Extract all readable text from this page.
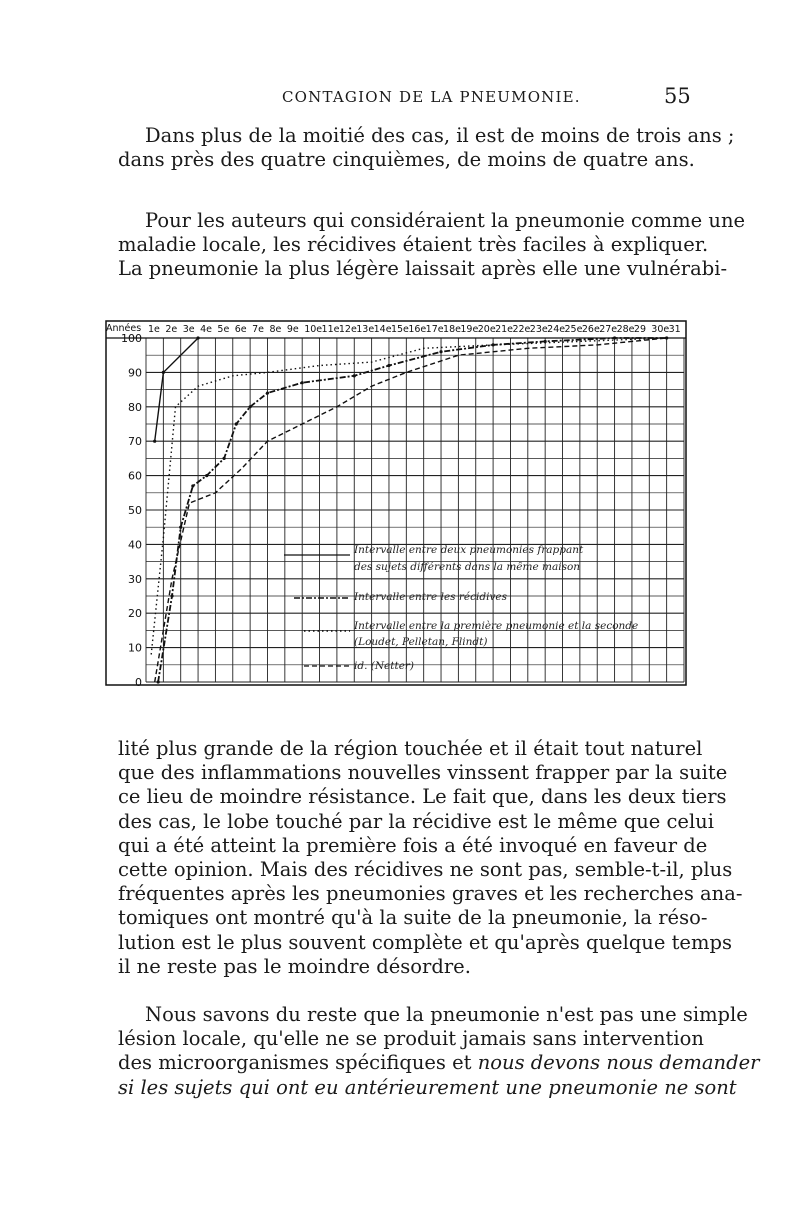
CONTAGION DE LA PNEUMONIE.	55
Dans plus de la moitié des cas, il est de moins de trois ans ;
dans près des quatre cinquièmes, de moins de quatre ans.
Pour les auteurs qui considéraient la pneumonie comme une
maladie locale, les récidives étaient très faciles à expliquer.
La pneumonie la plus légère laissait après elle une vulnérabi-
Années 1e 2e 3e 4e 5e 6e 7e 8e 9e 10e 11e 12e 13e 14e 15e 16e 17e 18e 19e 20e 21e 22e 23e 24e 25e 26e 27e 28e 29 30e 31
100
90
80
70
60
50
40
30
20
10
0
Intervalle entre deux pneumonies frappant
des sujets différents dans la même maison
Intervalle entre les récidives
Intervalle entre la première pneumonie et la seconde
(Loudet, Pelletan, Flindt)
id. (Netter)
lité plus grande de la région touchée et il était tout naturel
que des inflammations nouvelles vinssent frapper par la suite
ce lieu de moindre résistance. Le fait que, dans les deux tiers
des cas, le lobe touché par la récidive est le même que celui
qui a été atteint la première fois a été invoqué en faveur de
cette opinion. Mais des récidives ne sont pas, semble-t-il, plus
fréquentes après les pneumonies graves et les recherches ana-
tomiques ont montré qu'à la suite de la pneumonie, la réso-
lution est le plus souvent complète et qu'après quelque temps
il ne reste pas le moindre désordre.
Nous savons du reste que la pneumonie n'est pas une simple
lésion locale, qu'elle ne se produit jamais sans intervention
des microorganismes spécifiques et nous devons nous demander
si les sujets qui ont eu antérieurement une pneumonie ne sont
